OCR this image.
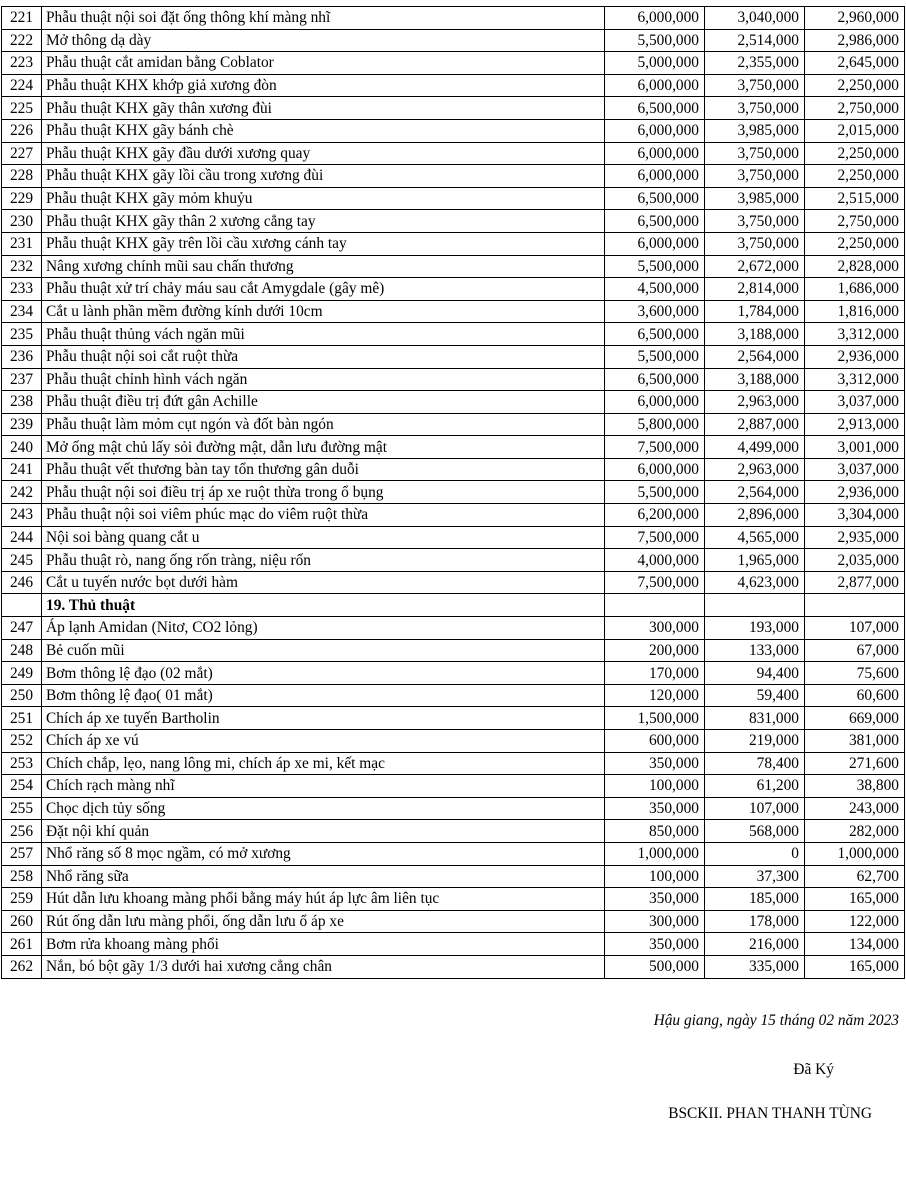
221	Phẫu thuật nội soi đặt ống thông khí màng nhĩ	6,000,000	3,040,000	2,960,000
222	Mở thông dạ dày	5,500,000	2,514,000	2,986,000
223	Phẫu thuật cắt amidan bằng Coblator	5,000,000	2,355,000	2,645,000
224	Phẫu thuật KHX khớp giả xương đòn	6,000,000	3,750,000	2,250,000
225	Phẫu thuật KHX gãy thân xương đùi	6,500,000	3,750,000	2,750,000
226	Phẫu thuật KHX gãy bánh chè	6,000,000	3,985,000	2,015,000
227	Phẫu thuật KHX gãy đầu dưới xương quay	6,000,000	3,750,000	2,250,000
228	Phẫu thuật KHX gãy lồi cầu trong xương đùi	6,000,000	3,750,000	2,250,000
229	Phẫu thuật KHX gãy mỏm khuỷu	6,500,000	3,985,000	2,515,000
230	Phẫu thuật KHX gãy thân 2 xương cẳng tay	6,500,000	3,750,000	2,750,000
231	Phẫu thuật KHX gãy trên lồi cầu xương cánh tay	6,000,000	3,750,000	2,250,000
232	Nâng xương chính mũi sau chấn thương	5,500,000	2,672,000	2,828,000
233	Phẫu thuật xử trí chảy máu sau cắt Amygdale (gây mê)	4,500,000	2,814,000	1,686,000
234	Cắt u lành phần mềm đường kính dưới 10cm	3,600,000	1,784,000	1,816,000
235	Phẫu thuật thủng vách ngăn mũi	6,500,000	3,188,000	3,312,000
236	Phẫu thuật nội soi cắt ruột thừa	5,500,000	2,564,000	2,936,000
237	Phẫu thuật chỉnh hình vách ngăn	6,500,000	3,188,000	3,312,000
238	Phẫu thuật điều trị đứt gân Achille	6,000,000	2,963,000	3,037,000
239	Phẫu thuật làm mỏm cụt ngón và đốt bàn ngón	5,800,000	2,887,000	2,913,000
240	Mở ống mật chủ lấy sỏi đường mật, dẫn lưu đường mật	7,500,000	4,499,000	3,001,000
241	Phẫu thuật vết thương bàn tay tổn thương gân duỗi	6,000,000	2,963,000	3,037,000
242	Phẫu thuật nội soi điều trị áp xe ruột thừa trong ổ bụng	5,500,000	2,564,000	2,936,000
243	Phẫu thuật nội soi viêm phúc mạc do viêm ruột thừa	6,200,000	2,896,000	3,304,000
244	Nội soi bàng quang cắt u	7,500,000	4,565,000	2,935,000
245	Phẫu thuật rò, nang ống rốn tràng, niệu rốn	4,000,000	1,965,000	2,035,000
246	Cắt u tuyến nước bọt dưới hàm	7,500,000	4,623,000	2,877,000
	19. Thủ thuật			
247	Áp lạnh Amidan (Nitơ, CO2 lỏng)	300,000	193,000	107,000
248	Bẻ cuốn mũi	200,000	133,000	67,000
249	Bơm thông lệ đạo (02 mắt)	170,000	94,400	75,600
250	Bơm thông lệ đạo( 01 mắt)	120,000	59,400	60,600
251	Chích áp xe tuyến Bartholin	1,500,000	831,000	669,000
252	Chích áp xe vú	600,000	219,000	381,000
253	Chích chắp, lẹo, nang lông mi, chích áp xe mi, kết mạc	350,000	78,400	271,600
254	Chích rạch màng nhĩ	100,000	61,200	38,800
255	Chọc dịch tủy sống	350,000	107,000	243,000
256	Đặt nội khí quản	850,000	568,000	282,000
257	Nhổ răng số 8 mọc ngầm, có mở xương	1,000,000	0	1,000,000
258	Nhổ răng sữa	100,000	37,300	62,700
259	Hút dẫn lưu khoang màng phổi bằng máy hút áp lực âm liên tục	350,000	185,000	165,000
260	Rút ống dẫn lưu màng phổi, ống dẫn lưu ổ áp xe	300,000	178,000	122,000
261	Bơm rửa khoang màng phổi	350,000	216,000	134,000
262	Nắn, bó bột gãy 1/3 dưới hai xương cẳng chân	500,000	335,000	165,000
Hậu giang, ngày 15 tháng 02 năm 2023
Đã Ký
BSCKII. PHAN THANH TÙNG
